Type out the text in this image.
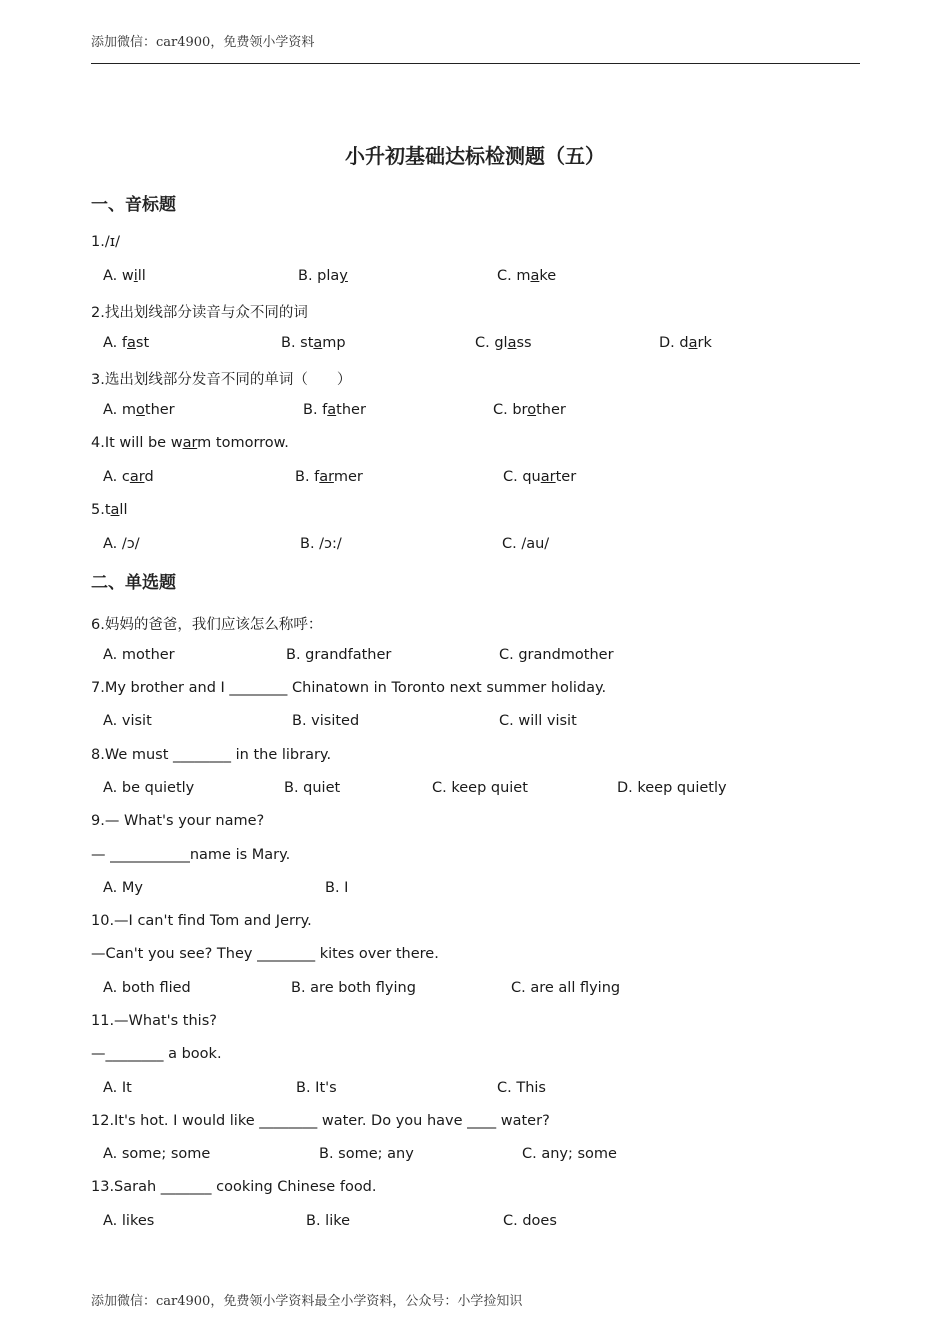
添加微信：car4900，免费领小学资料
小升初基础达标检测题（五）
一、音标题
1./ɪ/
A. will	B. play	C. make
2.找出划线部分读音与众不同的词
A. fast	B. stamp	C. glass	D. dark
3.选出划线部分发音不同的单词（　　）
A. mother	B. father	C. brother
4.It will be warm tomorrow.
A. card	B. farmer	C. quarter
5.tall
A. /ɔ/	B. /ɔ:/	C. /au/
二、单选题
6.妈妈的爸爸，我们应该怎么称呼：
A. mother	B. grandfather	C. grandmother
7.My brother and I ________ Chinatown in Toronto next summer holiday.
A. visit	B. visited	C. will visit
8.We must ________ in the library.
A. be quietly	B. quiet	C. keep quiet	D. keep quietly
9.— What's your name?
— ___________name is Mary.
A. My	B. I
10.—I can't find Tom and Jerry.
—Can't you see? They ________ kites over there.
A. both flied	B. are both flying	C. are all flying
11.—What's this?
—________ a book.
A. It	B. It's	C. This
12.It's hot. I would like ________ water. Do you have ____ water?
A. some; some	B. some; any	C. any; some
13.Sarah _______ cooking Chinese food.
A. likes	B. like	C. does
添加微信：car4900，免费领小学资料最全小学资料，公众号：小学捡知识
